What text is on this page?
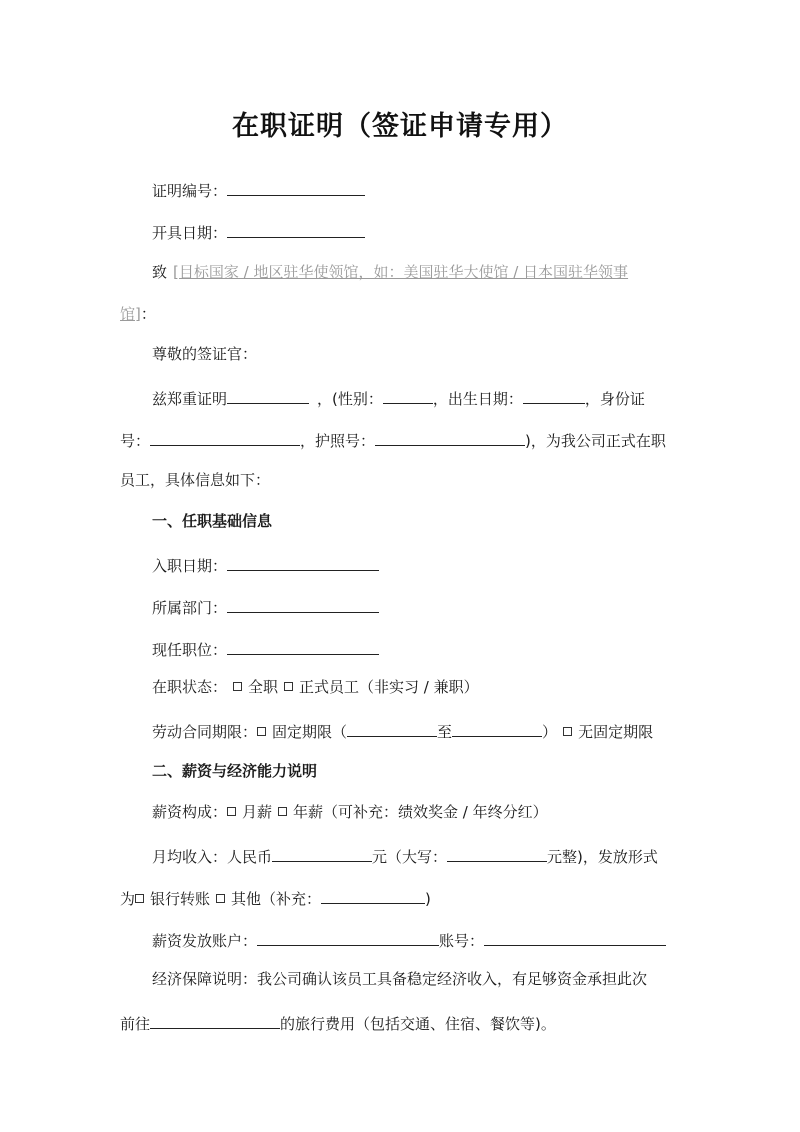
在职证明（签证申请专用）
证明编号：
开具日期：
致 [目标国家 / 地区驻华使领馆，如：美国驻华大使馆 / 日本国驻华领事
馆]：
尊敬的签证官：
兹郑重证明	，(性别：	，出生日期：	，身份证
号：	，护照号：	)，为我公司正式在职
员工，具体信息如下：
一、任职基础信息
入职日期：
所属部门：
现任职位：
在职状态： 全职 正式员工（非实习 / 兼职）
劳动合同期限： 固定期限（	至	） 无固定期限
二、薪资与经济能力说明
薪资构成： 月薪 年薪（可补充：绩效奖金 / 年终分红）
月均收入：人民币	元（大写：	元整)，发放形式
为 银行转账 其他（补充：	)
薪资发放账户：	账号：
经济保障说明：我公司确认该员工具备稳定经济收入，有足够资金承担此次
前往	的旅行费用（包括交通、住宿、餐饮等)。
